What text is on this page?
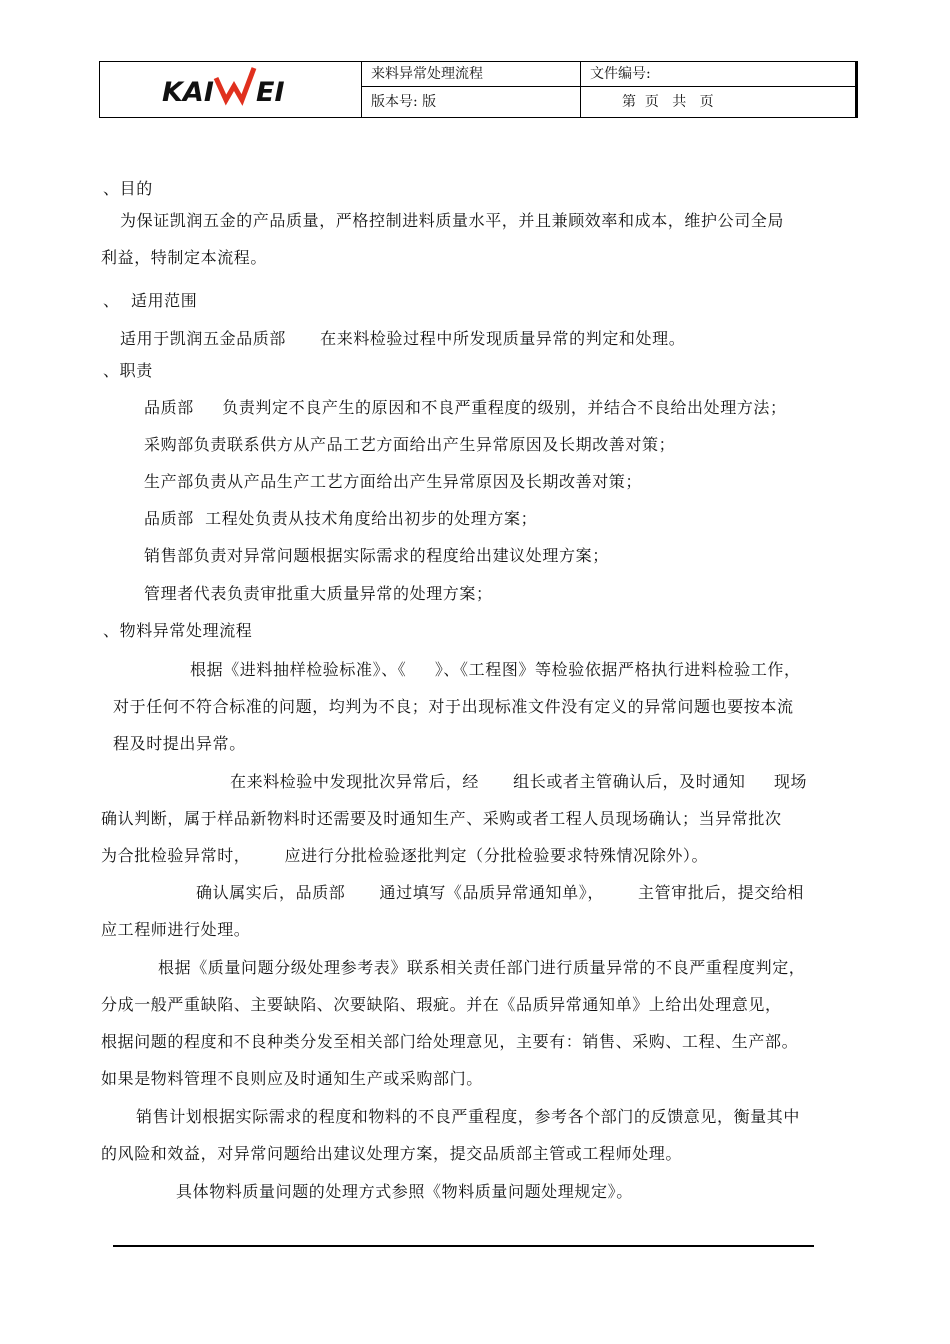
KAI EI
来料异常处理流程	文件编号:
版本号: 版	第  页   共   页
、目的
为保证凯润五金的产品质量，严格控制进料质量水平，并且兼顾效率和成本，维护公司全局
利益，特制定本流程。
、  适用范围
适用于凯润五金品质部      在来料检验过程中所发现质量异常的判定和处理。
、职责
品质部     负责判定不良产生的原因和不良严重程度的级别，并结合不良给出处理方法；
采购部负责联系供方从产品工艺方面给出产生异常原因及长期改善对策；
生产部负责从产品生产工艺方面给出产生异常原因及长期改善对策；
品质部  工程处负责从技术角度给出初步的处理方案；
销售部负责对异常问题根据实际需求的程度给出建议处理方案；
管理者代表负责审批重大质量异常的处理方案；
、物料异常处理流程
根据《进料抽样检验标准》、《     》、《工程图》等检验依据严格执行进料检验工作，
对于任何不符合标准的问题，均判为不良；对于出现标准文件没有定义的异常问题也要按本流
程及时提出异常。
在来料检验中发现批次异常后，经      组长或者主管确认后，及时通知     现场
确认判断，属于样品新物料时还需要及时通知生产、采购或者工程人员现场确认；当异常批次
为合批检验异常时，      应进行分批检验逐批判定（分批检验要求特殊情况除外）。
确认属实后，品质部      通过填写《品质异常通知单》，      主管审批后，提交给相
应工程师进行处理。
根据《质量问题分级处理参考表》联系相关责任部门进行质量异常的不良严重程度判定，
分成一般严重缺陷、主要缺陷、次要缺陷、瑕疵。并在《品质异常通知单》上给出处理意见，
根据问题的程度和不良种类分发至相关部门给处理意见，主要有：销售、采购、工程、生产部。
如果是物料管理不良则应及时通知生产或采购部门。
销售计划根据实际需求的程度和物料的不良严重程度，参考各个部门的反馈意见，衡量其中
的风险和效益，对异常问题给出建议处理方案，提交品质部主管或工程师处理。
具体物料质量问题的处理方式参照《物料质量问题处理规定》。
